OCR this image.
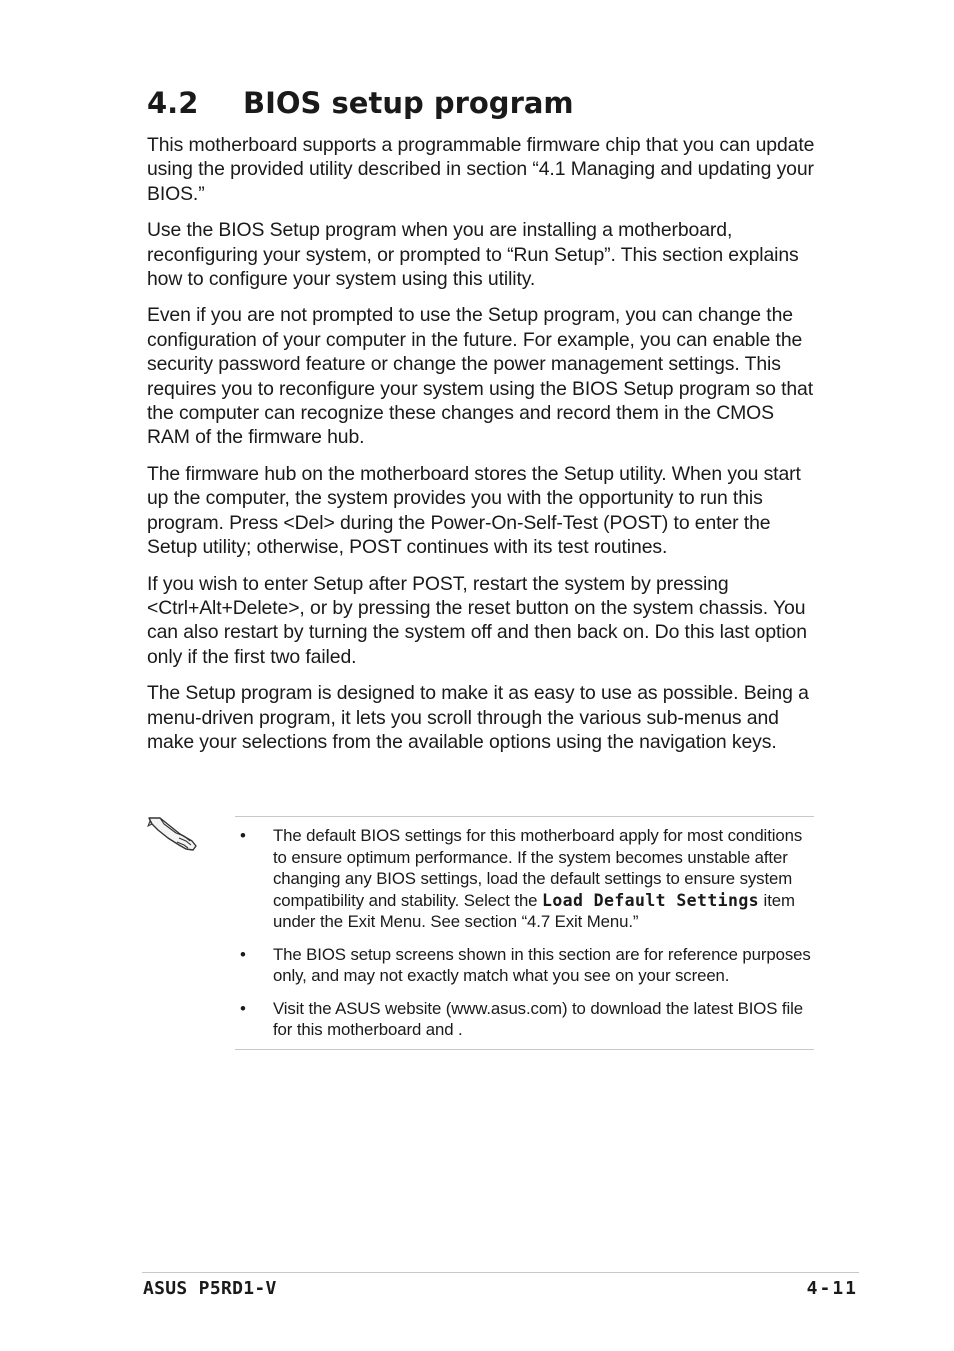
4.2 BIOS setup program

This motherboard supports a programmable firmware chip that you can update using the provided utility described in section “4.1 Managing and updating your BIOS.”

Use the BIOS Setup program when you are installing a motherboard, reconfiguring your system, or prompted to “Run Setup”. This section explains how to configure your system using this utility.

Even if you are not prompted to use the Setup program, you can change the configuration of your computer in the future. For example, you can enable the security password feature or change the power management settings. This requires you to reconfigure your system using the BIOS Setup program so that the computer can recognize these changes and record them in the CMOS RAM of the firmware hub.

The firmware hub on the motherboard stores the Setup utility. When you start up the computer, the system provides you with the opportunity to run this program. Press <Del> during the Power-On-Self-Test (POST) to enter the Setup utility; otherwise, POST continues with its test routines.

If you wish to enter Setup after POST, restart the system by pressing <Ctrl+Alt+Delete>, or by pressing the reset button on the system chassis. You can also restart by turning the system off and then back on. Do this last option only if the first two failed.

The Setup program is designed to make it as easy to use as possible. Being a menu-driven program, it lets you scroll through the various sub-menus and make your selections from the available options using the navigation keys.

• The default BIOS settings for this motherboard apply for most conditions to ensure optimum performance. If the system becomes unstable after changing any BIOS settings, load the default settings to ensure system compatibility and stability. Select the Load Default Settings item under the Exit Menu. See section “4.7 Exit Menu.”
• The BIOS setup screens shown in this section are for reference purposes only, and may not exactly match what you see on your screen.
• Visit the ASUS website (www.asus.com) to download the latest BIOS file for this motherboard and .
ASUS P5RD1-V	4-11
